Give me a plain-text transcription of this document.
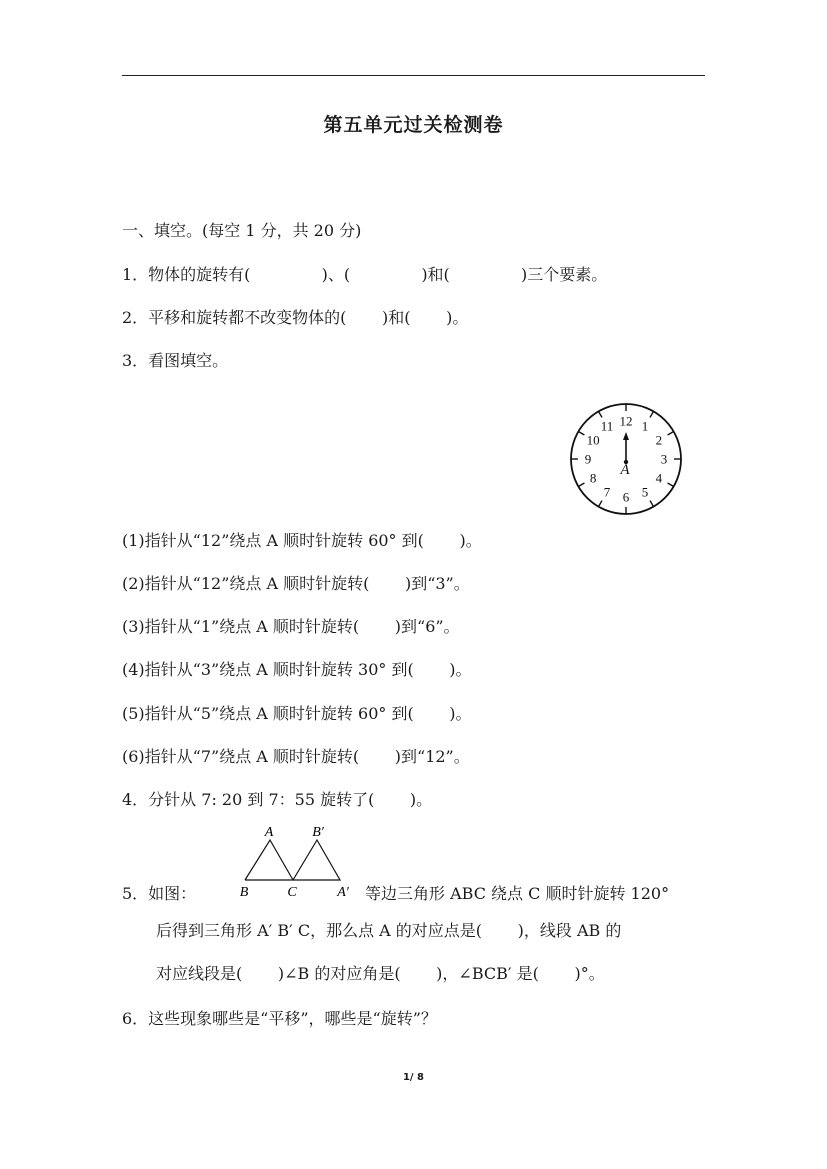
第五单元过关检测卷
一、填空。(每空 1 分，共 20 分)
1．物体的旋转有(              )、(              )和(              )三个要素。
2．平移和旋转都不改变物体的(       )和(       )。
3．看图填空。
12 1
2
3
4
5
6
7
8
9
10
11
A
(1)指针从“12”绕点 A 顺时针旋转 60° 到(       )。
(2)指针从“12”绕点 A 顺时针旋转(       )到“3”。
(3)指针从“1”绕点 A 顺时针旋转(       )到“6”。
(4)指针从“3”绕点 A 顺时针旋转 30° 到(       )。
(5)指针从“5”绕点 A 顺时针旋转 60° 到(       )。
(6)指针从“7”绕点 A 顺时针旋转(       )到“12”。
4．分针从 7: 20 到 7：55 旋转了(       )。
A	B′
B	C	A′
5．如图：	等边三角形 ABC 绕点 C 顺时针旋转 120°
后得到三角形 A′ B′ C，那么点 A 的对应点是(       )，线段 AB 的
对应线段是(       )∠B 的对应角是(       )，∠BCB′ 是(       )°。
6．这些现象哪些是“平移”，哪些是“旋转”？
1/ 8
